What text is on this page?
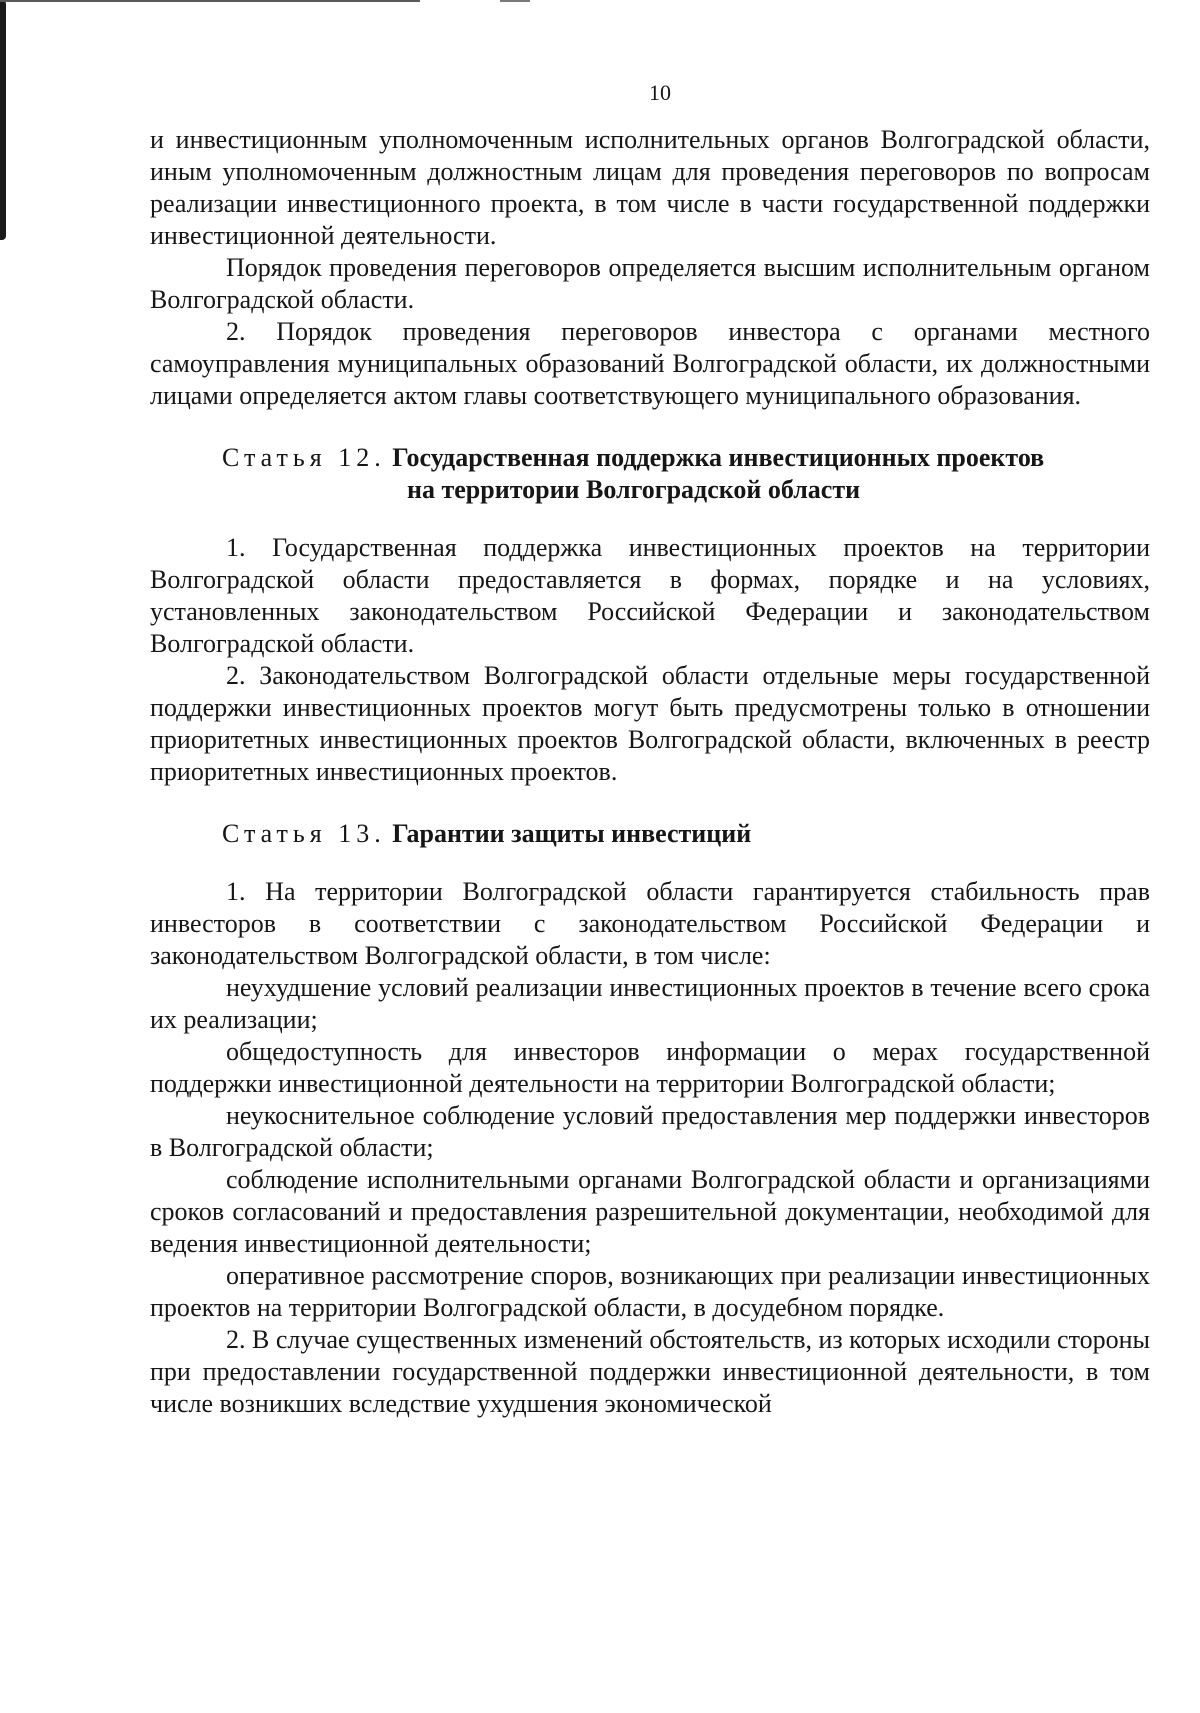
10

и инвестиционным уполномоченным исполнительных органов Волгоградской области, иным уполномоченным должностным лицам для проведения переговоров по вопросам реализации инвестиционного проекта, в том числе в части государственной поддержки инвестиционной деятельности.

Порядок проведения переговоров определяется высшим исполнительным органом Волгоградской области.

2. Порядок проведения переговоров инвестора с органами местного самоуправления муниципальных образований Волгоградской области, их должностными лицами определяется актом главы соответствующего муниципального образования.

Статья 12. Государственная поддержка инвестиционных проектов
на территории Волгоградской области

1. Государственная поддержка инвестиционных проектов на территории Волгоградской области предоставляется в формах, порядке и на условиях, установленных законодательством Российской Федерации и законодательством Волгоградской области.

2. Законодательством Волгоградской области отдельные меры государственной поддержки инвестиционных проектов могут быть предусмотрены только в отношении приоритетных инвестиционных проектов Волгоградской области, включенных в реестр приоритетных инвестиционных проектов.

Статья 13. Гарантии защиты инвестиций

1. На территории Волгоградской области гарантируется стабильность прав инвесторов в соответствии с законодательством Российской Федерации и законодательством Волгоградской области, в том числе:

неухудшение условий реализации инвестиционных проектов в течение всего срока их реализации;

общедоступность для инвесторов информации о мерах государственной поддержки инвестиционной деятельности на территории Волгоградской области;

неукоснительное соблюдение условий предоставления мер поддержки инвесторов в Волгоградской области;

соблюдение исполнительными органами Волгоградской области и организациями сроков согласований и предоставления разрешительной документации, необходимой для ведения инвестиционной деятельности;

оперативное рассмотрение споров, возникающих при реализации инвестиционных проектов на территории Волгоградской области, в досудебном порядке.

2. В случае существенных изменений обстоятельств, из которых исходили стороны при предоставлении государственной поддержки инвестиционной деятельности, в том числе возникших вследствие ухудшения экономической
